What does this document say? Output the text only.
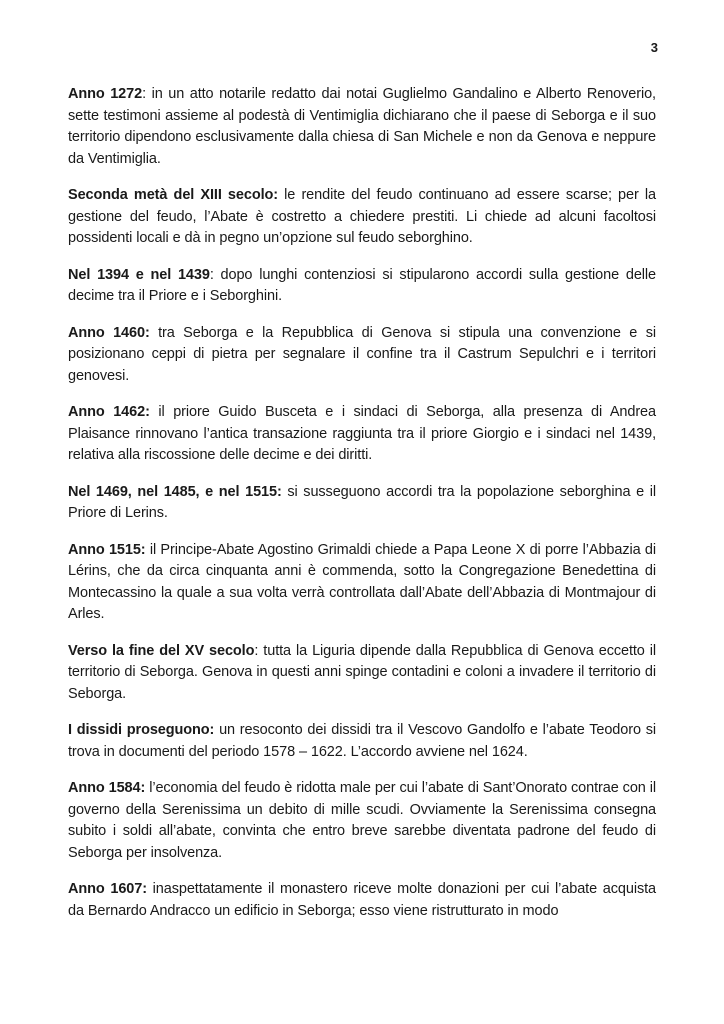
3

Anno 1272: in un atto notarile redatto dai notai Guglielmo Gandalino e Alberto Renoverio, sette testimoni assieme al podestà di Ventimiglia dichiarano che il paese di Seborga e il suo territorio dipendono esclusivamente dalla chiesa di San Michele e non da Genova e neppure da Ventimiglia.

Seconda metà del XIII secolo: le rendite del feudo continuano ad essere scarse; per la gestione del feudo, l’Abate è costretto a chiedere prestiti. Li chiede ad alcuni facoltosi possidenti locali e dà in pegno un’opzione sul feudo seborghino.

Nel 1394 e nel 1439: dopo lunghi contenziosi si stipularono accordi sulla gestione delle decime tra il Priore e i Seborghini.

Anno 1460: tra Seborga e la Repubblica di Genova si stipula una convenzione e si posizionano ceppi di pietra per segnalare il confine tra il Castrum Sepulchri e i territori genovesi.

Anno 1462: il priore Guido Busceta e i sindaci di Seborga, alla presenza di Andrea Plaisance rinnovano l’antica transazione raggiunta tra il priore Giorgio e i sindaci nel 1439, relativa alla riscossione delle decime e dei diritti.

Nel 1469, nel 1485, e nel 1515: si susseguono accordi tra la popolazione seborghina e il Priore di Lerins.

Anno 1515: il Principe-Abate Agostino Grimaldi chiede a Papa Leone X di porre l’Abbazia di Lérins, che da circa cinquanta anni è commenda, sotto la Congregazione Benedettina di Montecassino la quale a sua volta verrà controllata dall’Abate dell’Abbazia di Montmajour di Arles.

Verso la fine del XV secolo: tutta la Liguria dipende dalla Repubblica di Genova eccetto il territorio di Seborga. Genova in questi anni spinge contadini e coloni a invadere il territorio di Seborga.

I dissidi proseguono: un resoconto dei dissidi tra il Vescovo Gandolfo e l’abate Teodoro si trova in documenti del periodo 1578 – 1622. L’accordo avviene nel 1624.

Anno 1584: l’economia del feudo è ridotta male per cui l’abate di Sant’Onorato contrae con il governo della Serenissima un debito di mille scudi. Ovviamente la Serenissima consegna subito i soldi all’abate, convinta che entro breve sarebbe diventata padrone del feudo di Seborga per insolvenza.

Anno 1607: inaspettatamente il monastero riceve molte donazioni per cui l’abate acquista da Bernardo Andracco un edificio in Seborga; esso viene ristrutturato in modo
